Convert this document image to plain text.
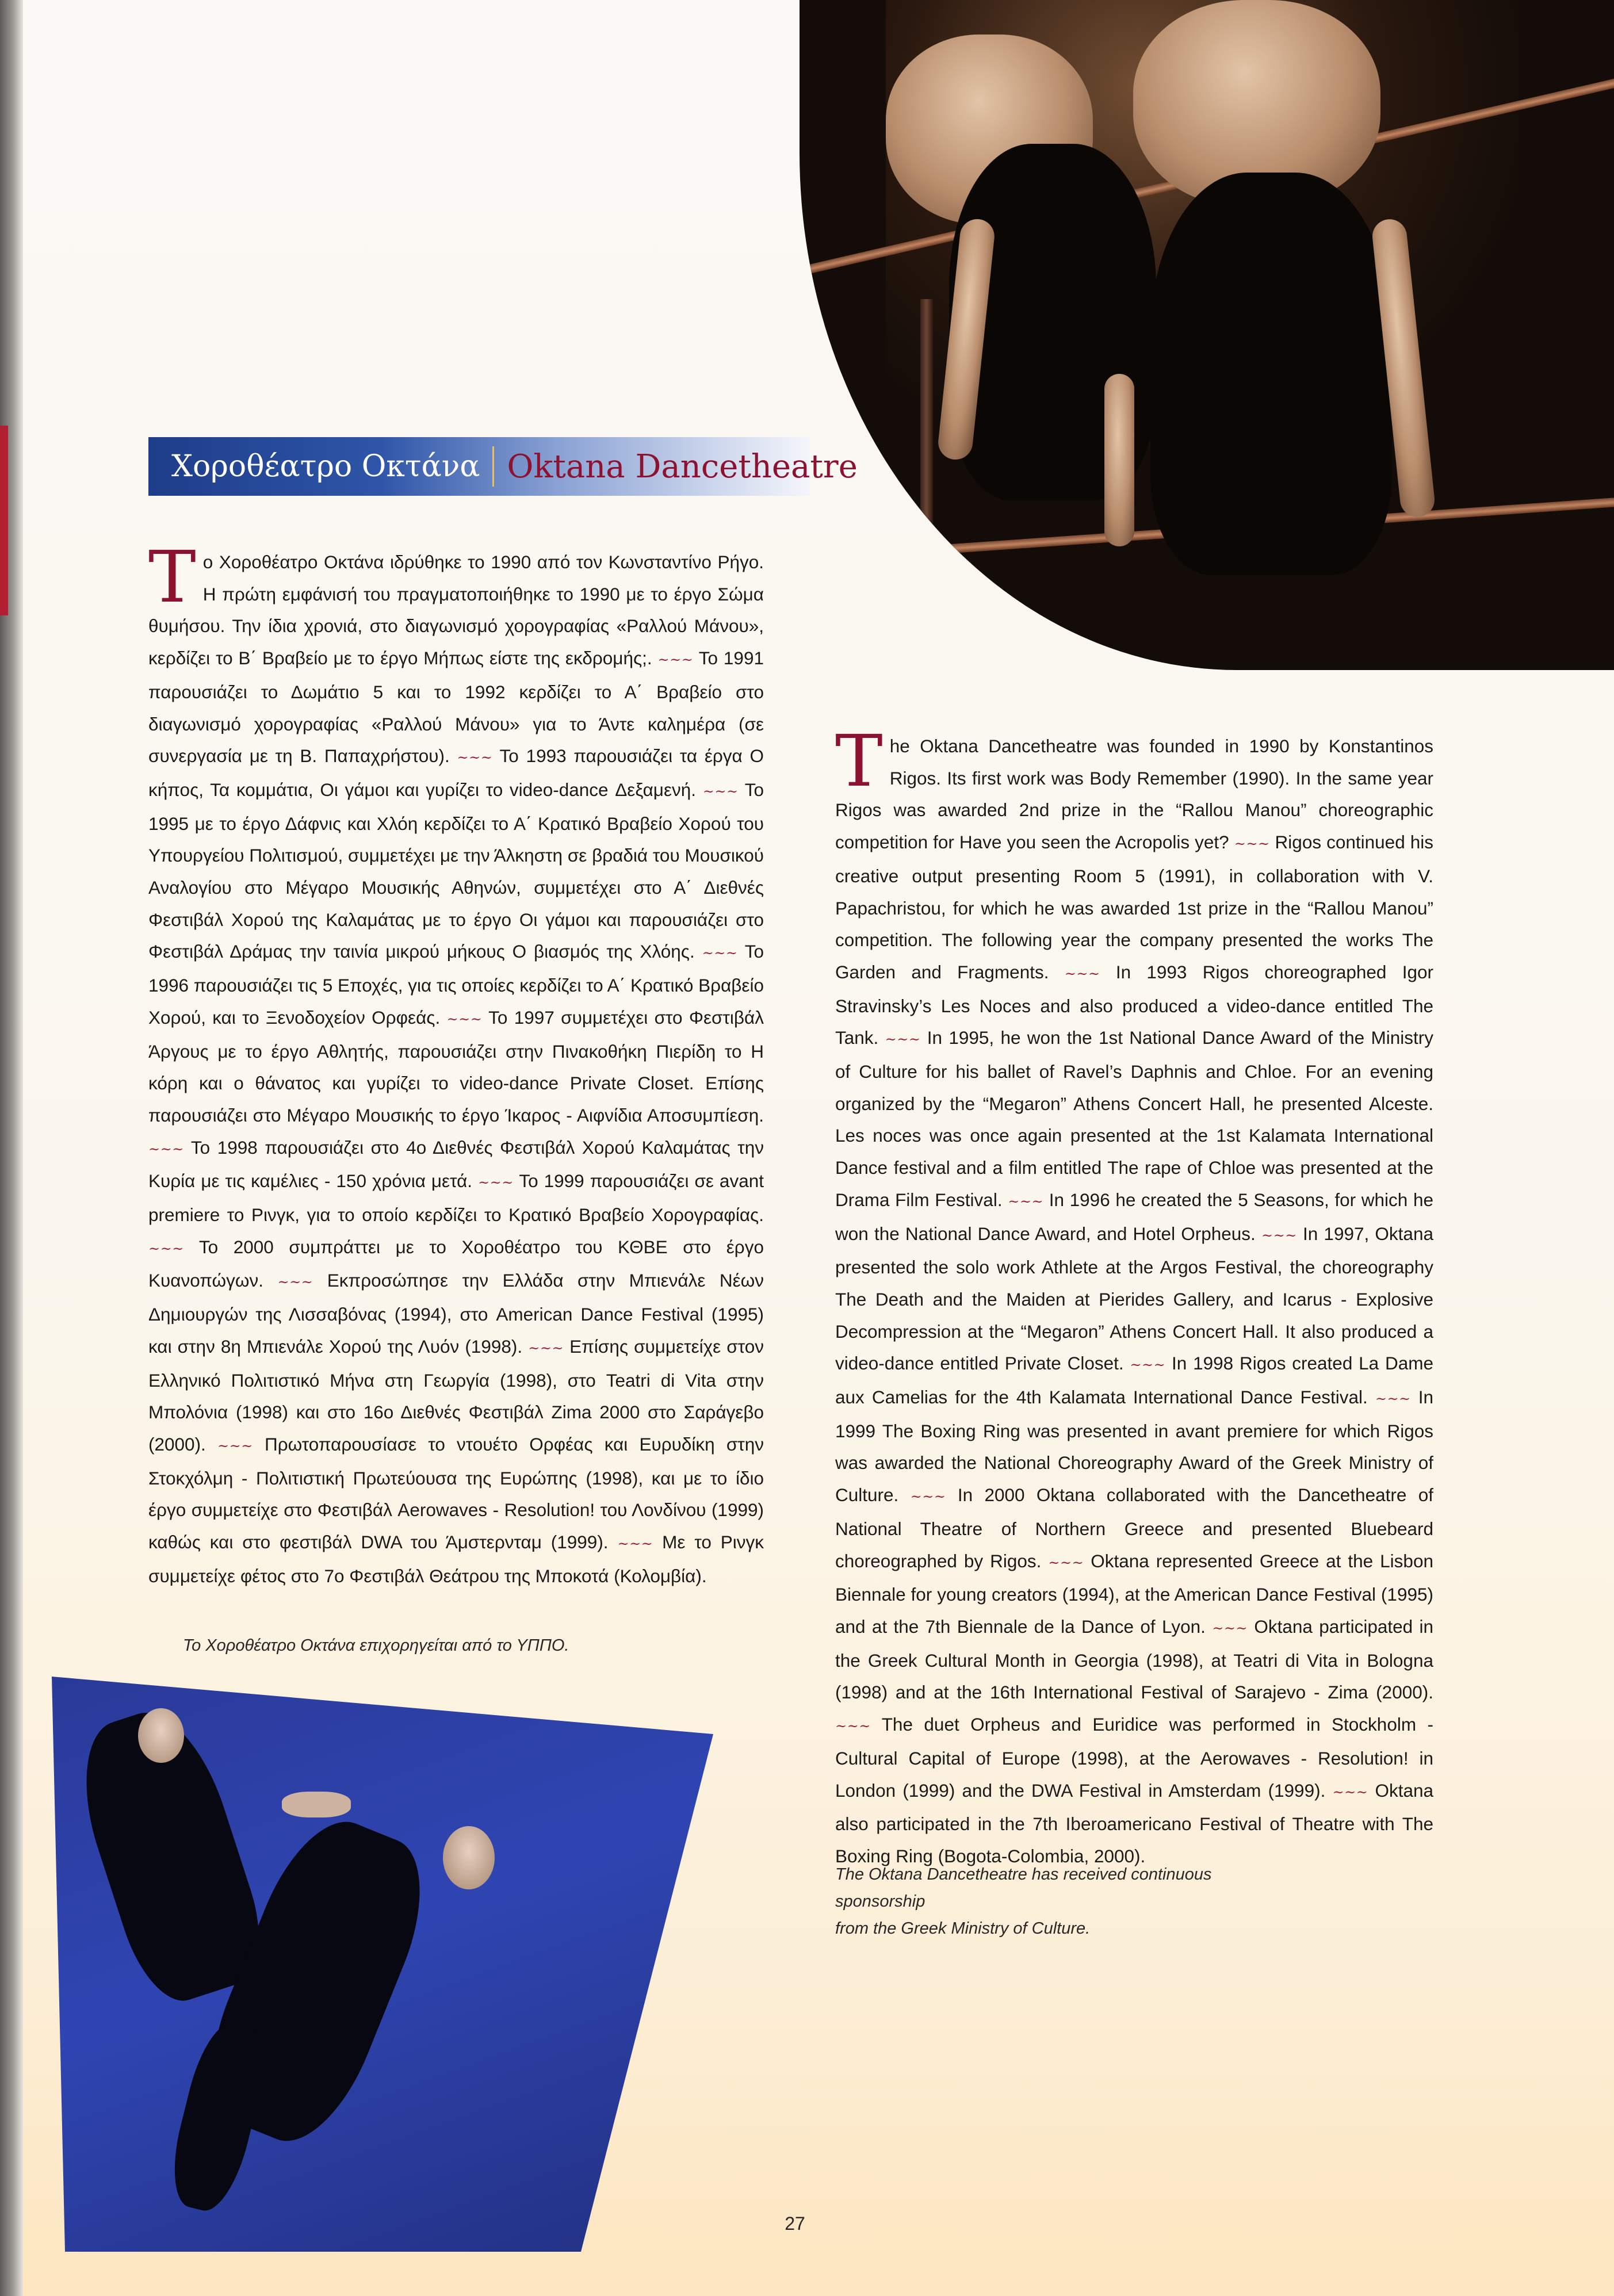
Χοροθέατρο Οκτάνα Oktana Dancetheatre
Το Χοροθέατρο Οκτάνα ιδρύθηκε το 1990 από τον Κωνσταντίνο Ρήγο. Η πρώτη εμφάνισή του πραγματοποιήθηκε το 1990 με το έργο Σώμα θυμήσου. Την ίδια χρονιά, στο διαγωνισμό χορογραφίας «Ραλλού Μάνου», κερδίζει το Β΄ Βραβείο με το έργο Μήπως είστε της εκδρομής;. ~~~ Το 1991 παρουσιάζει το Δωμάτιο 5 και το 1992 κερδίζει το Α΄ Βραβείο στο διαγωνισμό χορογραφίας «Ραλλού Μάνου» για το Άντε καλημέρα (σε συνεργασία με τη Β. Παπαχρήστου). ~~~ Το 1993 παρουσιάζει τα έργα Ο κήπος, Τα κομμάτια, Οι γάμοι και γυρίζει το video-dance Δεξαμενή. ~~~ Το 1995 με το έργο Δάφνις και Χλόη κερδίζει το Α΄ Κρατικό Βραβείο Χορού του Υπουργείου Πολιτισμού, συμμετέχει με την Άλκηστη σε βραδιά του Μουσικού Αναλογίου στο Μέγαρο Μουσικής Αθηνών, συμμετέχει στο Α΄ Διεθνές Φεστιβάλ Χορού της Καλαμάτας με το έργο Οι γάμοι και παρουσιάζει στο Φεστιβάλ Δράμας την ταινία μικρού μήκους Ο βιασμός της Χλόης. ~~~ Το 1996 παρουσιάζει τις 5 Εποχές, για τις οποίες κερδίζει το Α΄ Κρατικό Βραβείο Χορού, και το Ξενοδοχείον Ορφεάς. ~~~ Το 1997 συμμετέχει στο Φεστιβάλ Άργους με το έργο Αθλητής, παρουσιάζει στην Πινακοθήκη Πιερίδη το Η κόρη και ο θάνατος και γυρίζει το video-dance Private Closet. Επίσης παρουσιάζει στο Μέγαρο Μουσικής το έργο Ίκαρος - Αιφνίδια Αποσυμπίεση. ~~~ Το 1998 παρουσιάζει στο 4ο Διεθνές Φεστιβάλ Χορού Καλαμάτας την Κυρία με τις καμέλιες - 150 χρόνια μετά. ~~~ Το 1999 παρουσιάζει σε avant premiere το Ρινγκ, για το οποίο κερδίζει το Κρατικό Βραβείο Χορογραφίας. ~~~ Το 2000 συμπράττει με το Χοροθέατρο του ΚΘΒΕ στο έργο Κυανοπώγων. ~~~ Εκπροσώπησε την Ελλάδα στην Μπιενάλε Νέων Δημιουργών της Λισσαβόνας (1994), στο American Dance Festival (1995) και στην 8η Μπιενάλε Χορού της Λυόν (1998). ~~~ Επίσης συμμετείχε στον Ελληνικό Πολιτιστικό Μήνα στη Γεωργία (1998), στο Teatri di Vita στην Μπολόνια (1998) και στο 16ο Διεθνές Φεστιβάλ Zima 2000 στο Σαράγεβο (2000). ~~~ Πρωτοπαρουσίασε το ντουέτο Ορφέας και Ευρυδίκη στην Στοκχόλμη - Πολιτιστική Πρωτεύουσα της Ευρώπης (1998), και με το ίδιο έργο συμμετείχε στο Φεστιβάλ Aerowaves - Resolution! του Λονδίνου (1999) καθώς και στο φεστιβάλ DWA του Άμστερνταμ (1999). ~~~ Με το Ρινγκ συμμετείχε φέτος στο 7ο Φεστιβάλ Θεάτρου της Μποκοτά (Κολομβία).
Το Χοροθέατρο Οκτάνα επιχορηγείται από το ΥΠΠΟ.
The Oktana Dancetheatre was founded in 1990 by Konstantinos Rigos. Its first work was Body Remember (1990). In the same year Rigos was awarded 2nd prize in the “Rallou Manou” choreographic competition for Have you seen the Acropolis yet? ~~~ Rigos continued his creative output presenting Room 5 (1991), in collaboration with V. Papachristou, for which he was awarded 1st prize in the “Rallou Manou” competition. The following year the company presented the works The Garden and Fragments. ~~~ In 1993 Rigos choreographed Igor Stravinsky’s Les Noces and also produced a video-dance entitled The Tank. ~~~ In 1995, he won the 1st National Dance Award of the Ministry of Culture for his ballet of Ravel’s Daphnis and Chloe. For an evening organized by the “Megaron” Athens Concert Hall, he presented Alceste. Les noces was once again presented at the 1st Kalamata International Dance festival and a film entitled The rape of Chloe was presented at the Drama Film Festival. ~~~ In 1996 he created the 5 Seasons, for which he won the National Dance Award, and Hotel Orpheus. ~~~ In 1997, Oktana presented the solo work Athlete at the Argos Festival, the choreography The Death and the Maiden at Pierides Gallery, and Icarus - Explosive Decompression at the “Megaron” Athens Concert Hall. It also produced a video-dance entitled Private Closet. ~~~ In 1998 Rigos created La Dame aux Camelias for the 4th Kalamata International Dance Festival. ~~~ In 1999 The Boxing Ring was presented in avant premiere for which Rigos was awarded the National Choreography Award of the Greek Ministry of Culture. ~~~ In 2000 Oktana collaborated with the Dancetheatre of National Theatre of Northern Greece and presented Bluebeard choreographed by Rigos. ~~~ Oktana represented Greece at the Lisbon Biennale for young creators (1994), at the American Dance Festival (1995) and at the 7th Biennale de la Dance of Lyon. ~~~ Oktana participated in the Greek Cultural Month in Georgia (1998), at Teatri di Vita in Bologna (1998) and at the 16th International Festival of Sarajevo - Zima (2000). ~~~ The duet Orpheus and Euridice was performed in Stockholm - Cultural Capital of Europe (1998), at the Aerowaves - Resolution! in London (1999) and the DWA Festival in Amsterdam (1999). ~~~ Oktana also participated in the 7th Iberoamericano Festival of Theatre with The Boxing Ring (Bogota-Colombia, 2000).
The Oktana Dancetheatre has received continuous sponsorship
from the Greek Ministry of Culture.
27
